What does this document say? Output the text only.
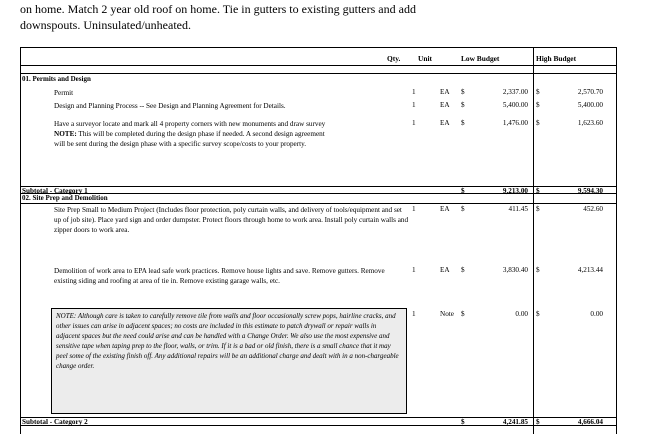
on home. Match 2 year old roof on home. Tie in gutters to existing gutters and add
downspouts. Uninsulated/unheated.
Qty. Unit	Low Budget	High Budget
01. Permits and Design
Permit	1	EA $	2,337.00 $	2,570.70
Design and Planning Process -- See Design and Planning Agreement for Details.	1	EA $	5,400.00 $	5,400.00
Have a surveyor locate and mark all 4 property corners with new monuments and draw survey
NOTE: This will be completed during the design phase if needed. A second design agreement
will be sent during the design phase with a specific survey scope/costs to your property.
1	EA $	1,476.00 $	1,623.60
Subtotal - Category 1	$	9,213.00 $	9,594.30
02. Site Prep and Demolition
Site Prep Small to Medium Project (Includes floor protection, poly curtain walls, and delivery of tools/equipment and set up of job site). Place yard sign and order dumpster. Protect floors through home to work area. Install poly curtain walls and zipper doors to work area.
1	EA $	411.45 $	452.60
Demolition of work area to EPA lead safe work practices. Remove house lights and save. Remove gutters. Remove existing siding and roofing at area of tie in. Remove existing garage walls, etc.
1	EA $	3,830.40 $	4,213.44
NOTE: Although care is taken to carefully remove tile from walls and floor occasionally screw pops, hairline cracks, and other issues can arise in adjacent spaces; no costs are included in this estimate to patch drywall or repair walls in adjacent spaces but the need could arise and can be handled with a Change Order. We also use the most expensive and sensitive tape when taping prep to the floor, walls, or trim. If it is a bad or old finish, there is a small chance that it may peel some of the existing finish off. Any additional repairs will be an additional charge and dealt with in a non-chargeable change order.
1	Note $	0.00 $	0.00
Subtotal - Category 2	$	4,241.85 $	4,666.04
